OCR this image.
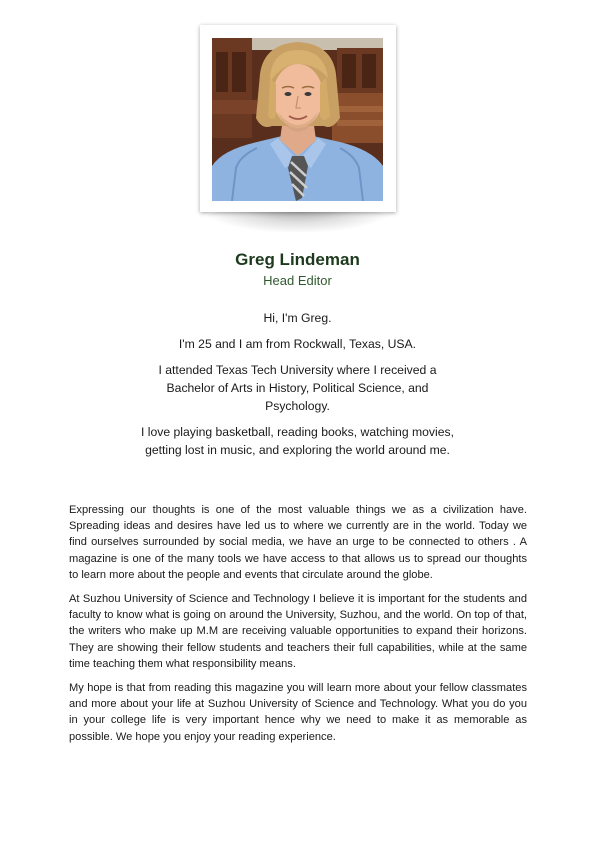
Greg Lindeman
Head Editor

Hi, I'm Greg.

I'm 25 and I am from Rockwall, Texas, USA.

I attended Texas Tech University where I received a Bachelor of Arts in History, Political Science, and Psychology.

I love playing basketball, reading books, watching movies, getting lost in music, and exploring the world around me.

Expressing our thoughts is one of the most valuable things we as a civilization have. Spreading ideas and desires have led us to where we currently are in the world. Today we find ourselves surrounded by social media, we have an urge to be connected to others . A magazine is one of the many tools we have access to that allows us to spread our thoughts to learn more about the people and events that circulate around the globe.

At Suzhou University of Science and Technology I believe it is important for the students and faculty to know what is going on around the University, Suzhou, and the world. On top of that, the writers who make up M.M are receiving valuable opportunities to expand their horizons. They are showing their fellow students and teachers their full capabilities, while at the same time teaching them what responsibility means.

My hope is that from reading this magazine you will learn more about your fellow classmates and more about your life at Suzhou University of Science and Technology. What you do you in your college life is very important hence why we need to make it as memorable as possible. We hope you enjoy your reading experience.
